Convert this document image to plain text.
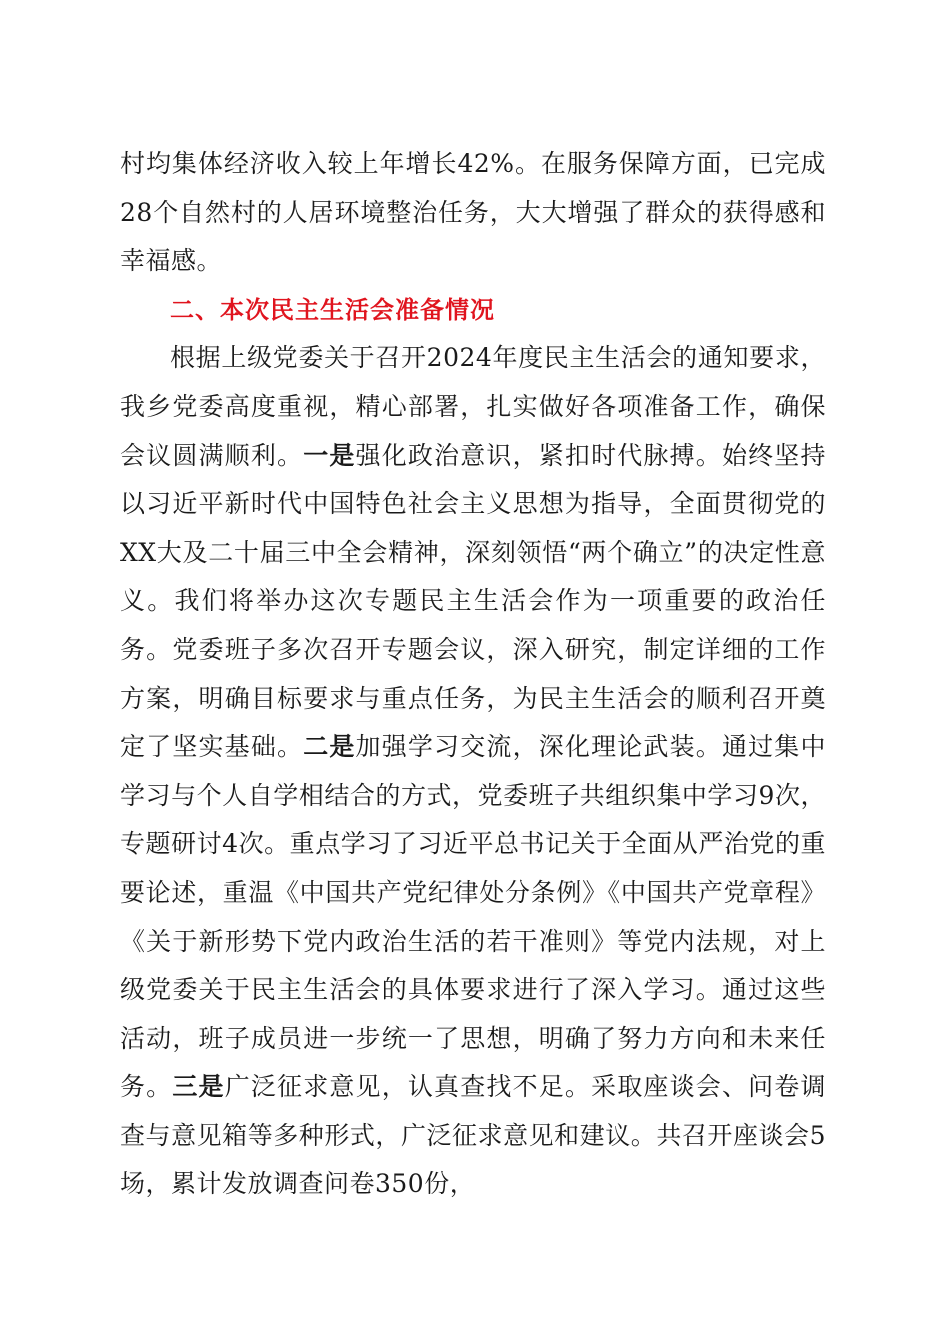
村均集体经济收入较上年增长42%。在服务保障方面，已完成28个自然村的人居环境整治任务，大大增强了群众的获得感和幸福感。

二、本次民主生活会准备情况

根据上级党委关于召开2024年度民主生活会的通知要求，我乡党委高度重视，精心部署，扎实做好各项准备工作，确保会议圆满顺利。一是强化政治意识，紧扣时代脉搏。始终坚持以习近平新时代中国特色社会主义思想为指导，全面贯彻党的XX大及二十届三中全会精神，深刻领悟“两个确立”的决定性意义。我们将举办这次专题民主生活会作为一项重要的政治任务。党委班子多次召开专题会议，深入研究，制定详细的工作方案，明确目标要求与重点任务，为民主生活会的顺利召开奠定了坚实基础。二是加强学习交流，深化理论武装。通过集中学习与个人自学相结合的方式，党委班子共组织集中学习9次，专题研讨4次。重点学习了习近平总书记关于全面从严治党的重要论述，重温《中国共产党纪律处分条例》《中国共产党章程》《关于新形势下党内政治生活的若干准则》等党内法规，对上级党委关于民主生活会的具体要求进行了深入学习。通过这些活动，班子成员进一步统一了思想，明确了努力方向和未来任务。三是广泛征求意见，认真查找不足。采取座谈会、问卷调查与意见箱等多种形式，广泛征求意见和建议。共召开座谈会5场，累计发放调查问卷350份，
